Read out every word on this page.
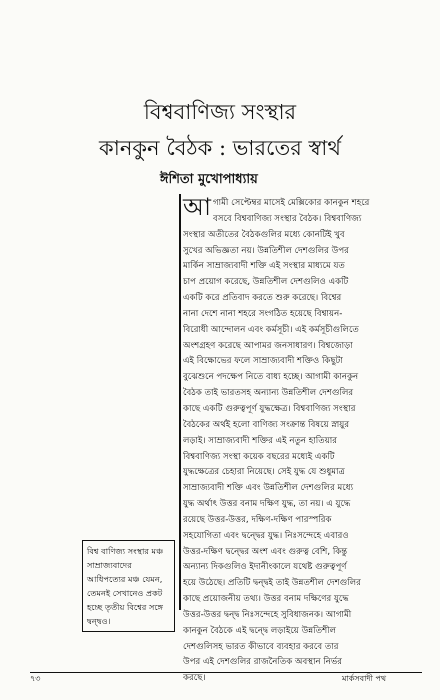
বিশ্ববাণিজ্য সংস্থার
কানকুন বৈঠক : ভারতের স্বার্থ
ঈশিতা মুখোপাধ্যায়
আ গামী সেপ্টেম্বর মাসেই মেক্সিকোর কানকুন শহরে
বসবে বিশ্ববাণিজ্য সংস্থার বৈঠক। বিশ্ববাণিজ্য
সংস্থার অতীতের বৈঠকগুলির মধ্যে কোনটিই খুব
সুখের অভিজ্ঞতা নয়। উন্নতিশীল দেশগুলির উপর
মার্কিন সাম্রাজ্যবাদী শক্তি এই সংস্থার মাধ্যমে যত
চাপ প্রয়োগ করেছে, উন্নতিশীল দেশগুলিও একটি
একটি করে প্রতিবাদ করতে শুরু করেছে। বিশ্বের
নানা দেশে নানা শহরে সংগঠিত হয়েছে বিশ্বায়ন-
বিরোধী আন্দোলন এবং কর্মসূচী। এই কর্মসূচীগুলিতে
অংশগ্রহণ করেছে আপামর জনসাধারণ। বিশ্বজোড়া
এই বিক্ষোভের ফলে সাম্রাজ্যবাদী শক্তিও কিছুটা
বুঝেশুনে পদক্ষেপ নিতে বাধ্য হচ্ছে। আগামী কানকুন
বৈঠক তাই ভারতসহ অন্যান্য উন্নতিশীল দেশগুলির
কাছে একটি গুরুত্বপূর্ণ যুদ্ধক্ষেত্র। বিশ্ববাণিজ্য সংস্থার
বৈঠকের অর্থই হলো বাণিজ্য সংক্রান্ত বিষয়ে স্নায়ুর
লড়াই। সাম্রাজ্যবাদী শক্তির এই নতুন হাতিয়ার
বিশ্ববাণিজ্য সংস্থা কয়েক বছরের মধ্যেই একটি
যুদ্ধক্ষেত্রের চেহারা নিয়েছে। সেই যুদ্ধ যে শুধুমাত্র
সাম্রাজ্যবাদী শক্তি এবং উন্নতিশীল দেশগুলির মধ্যে
যুদ্ধ অর্থাৎ উত্তর বনাম দক্ষিণ যুদ্ধ, তা নয়। এ যুদ্ধে
রয়েছে উত্তর-উত্তর, দক্ষিণ-দক্ষিণ পারস্পরিক
সহযোগিতা এবং দ্বন্দ্বের যুদ্ধ। নিঃসন্দেহে এবারও
উত্তর-দক্ষিণ দ্বন্দ্বের অংশ এবং গুরুত্ব বেশি, কিন্তু
অন্যান্য দিকগুলিও ইদানীংকালে যথেষ্ট গুরুত্বপূর্ণ
হয়ে উঠেছে। প্রতিটি দ্বন্দ্বই তাই উন্নতশীল দেশগুলির
কাছে প্রয়োজনীয় তথ্য। উত্তর বনাম দক্ষিণের যুদ্ধে
উত্তর-উত্তর দ্বন্দ্ব নিঃসন্দেহে সুবিধাজনক। আগামী
কানকুন বৈঠকে এই দ্বন্দ্বে লড়াইয়ে উন্নতিশীল
দেশগুলিসহ ভারত কীভাবে ব্যবহার করবে তার
উপর এই দেশগুলির রাজনৈতিক অবস্থান নির্ভর
করছে।
বিশ্ব বাণিজ্য সংস্থার মঞ্চ সাম্রাজ্যবাদের আধিপত্যের মঞ্চ যেমন, তেমনই সেখানেও প্রকট হচ্ছে তৃতীয় বিশ্বের সঙ্গে দ্বন্দ্বও।
৭৩	মার্কসবাদী পথ
